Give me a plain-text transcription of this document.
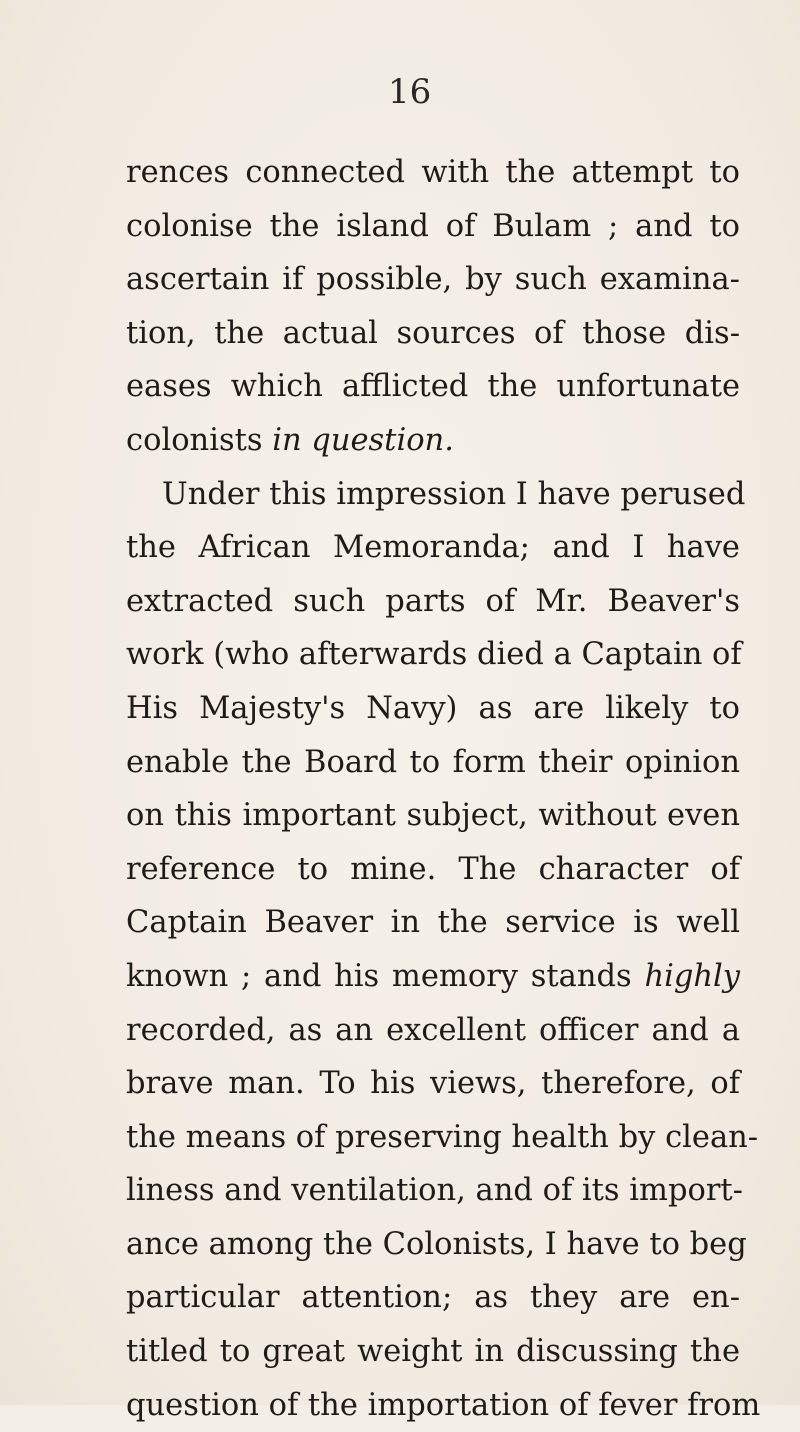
16
rences connected with the attempt to
colonise the island of Bulam ; and to
ascertain if possible, by such examina-
tion, the actual sources of those dis-
eases which afflicted the unfortunate
colonists in question.
Under this impression I have perused
the African Memoranda; and I have
extracted such parts of Mr. Beaver's
work (who afterwards died a Captain of
His Majesty's Navy) as are likely to
enable the Board to form their opinion
on this important subject, without even
reference to mine. The character of
Captain Beaver in the service is well
known ; and his memory stands highly
recorded, as an excellent officer and a
brave man. To his views, therefore, of
the means of preserving health by clean-
liness and ventilation, and of its import-
ance among the Colonists, I have to beg
particular attention; as they are en-
titled to great weight in discussing the
question of the importation of fever from
